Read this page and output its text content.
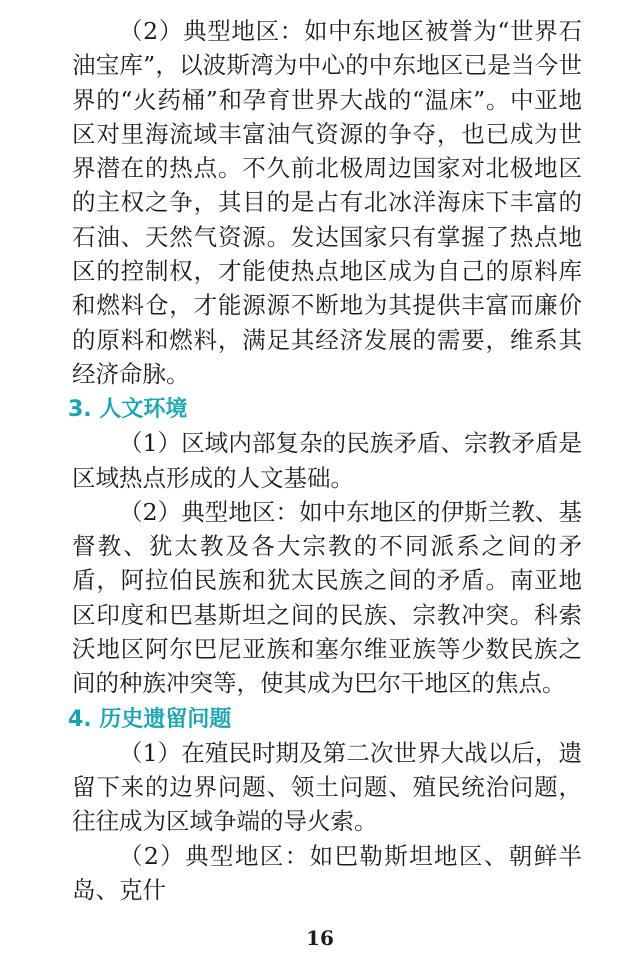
（2）典型地区：如中东地区被誉为“世界石油宝库”，以波斯湾为中心的中东地区已是当今世界的“火药桶”和孕育世界大战的“温床”。中亚地区对里海流域丰富油气资源的争夺，也已成为世界潜在的热点。不久前北极周边国家对北极地区的主权之争，其目的是占有北冰洋海床下丰富的石油、天然气资源。发达国家只有掌握了热点地区的控制权，才能使热点地区成为自己的原料库和燃料仓，才能源源不断地为其提供丰富而廉价的原料和燃料，满足其经济发展的需要，维系其经济命脉。

3. 人文环境

（1）区域内部复杂的民族矛盾、宗教矛盾是区域热点形成的人文基础。

（2）典型地区：如中东地区的伊斯兰教、基督教、犹太教及各大宗教的不同派系之间的矛盾，阿拉伯民族和犹太民族之间的矛盾。南亚地区印度和巴基斯坦之间的民族、宗教冲突。科索沃地区阿尔巴尼亚族和塞尔维亚族等少数民族之间的种族冲突等，使其成为巴尔干地区的焦点。

4. 历史遗留问题

（1）在殖民时期及第二次世界大战以后，遗留下来的边界问题、领土问题、殖民统治问题，往往成为区域争端的导火索。

（2）典型地区：如巴勒斯坦地区、朝鲜半岛、克什

16
